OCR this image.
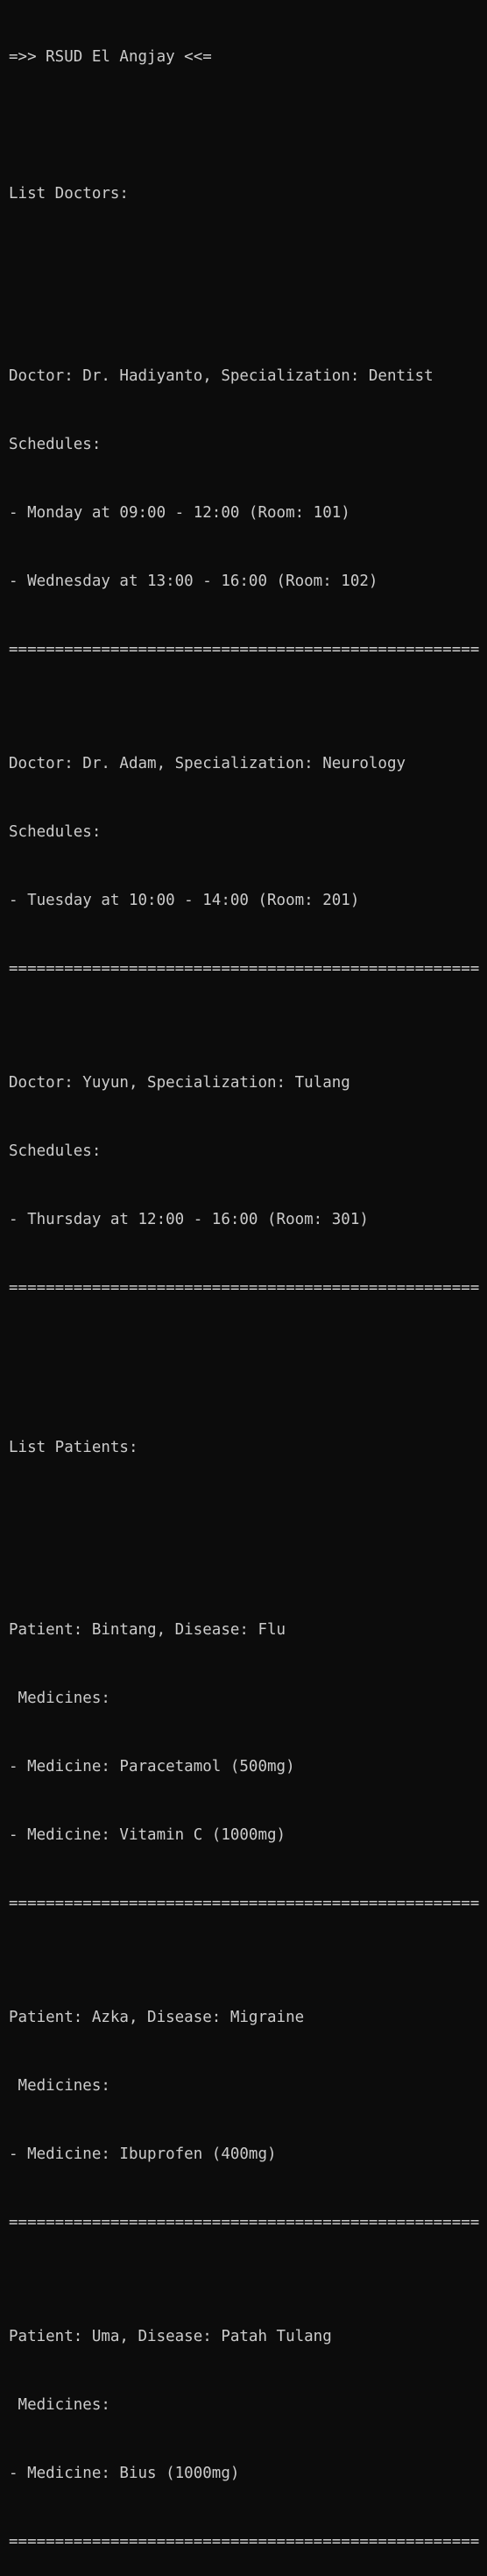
=>> RSUD El Angjay <<=

List Doctors:

Doctor: Dr. Hadiyanto, Specialization: Dentist

Schedules:

- Monday at 09:00 - 12:00 (Room: 101)

- Wednesday at 13:00 - 16:00 (Room: 102)

===================================================

Doctor: Dr. Adam, Specialization: Neurology

Schedules:

- Tuesday at 10:00 - 14:00 (Room: 201)

===================================================

Doctor: Yuyun, Specialization: Tulang

Schedules:

- Thursday at 12:00 - 16:00 (Room: 301)

===================================================

List Patients:

Patient: Bintang, Disease: Flu

Medicines:

- Medicine: Paracetamol (500mg)

- Medicine: Vitamin C (1000mg)

===================================================

Patient: Azka, Disease: Migraine

Medicines:

- Medicine: Ibuprofen (400mg)

===================================================

Patient: Uma, Disease: Patah Tulang

Medicines:

- Medicine: Bius (1000mg)

===================================================
